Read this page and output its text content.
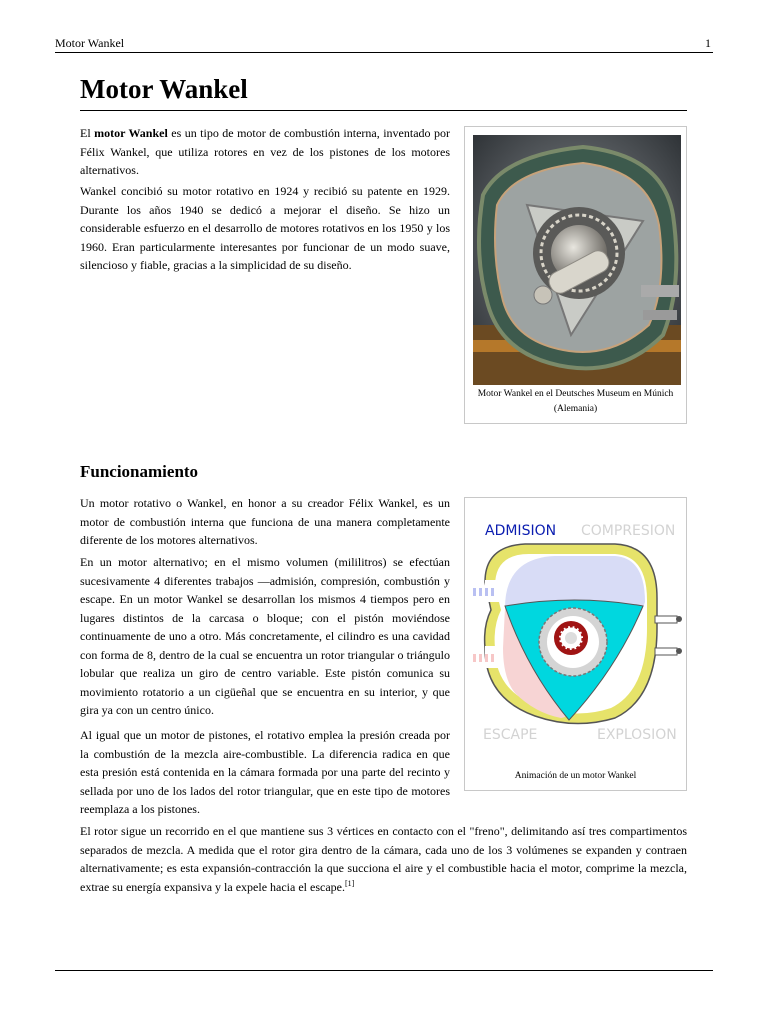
Motor Wankel	1
Motor Wankel

El motor Wankel es un tipo de motor de combustión interna, inventado por Félix Wankel, que utiliza rotores en vez de los pistones de los motores alternativos.

Wankel concibió su motor rotativo en 1924 y recibió su patente en 1929. Durante los años 1940 se dedicó a mejorar el diseño. Se hizo un considerable esfuerzo en el desarrollo de motores rotativos en los 1950 y los 1960. Eran particularmente interesantes por funcionar de un modo suave, silencioso y fiable, gracias a la simplicidad de su diseño.

Motor Wankel en el Deutsches Museum en Múnich (Alemania)
Funcionamiento

Un motor rotativo o Wankel, en honor a su creador Félix Wankel, es un motor de combustión interna que funciona de una manera completamente diferente de los motores alternativos.

En un motor alternativo; en el mismo volumen (mililitros) se efectúan sucesivamente 4 diferentes trabajos —admisión, compresión, combustión y escape. En un motor Wankel se desarrollan los mismos 4 tiempos pero en lugares distintos de la carcasa o bloque; con el pistón moviéndose continuamente de uno a otro. Más concretamente, el cilindro es una cavidad con forma de 8, dentro de la cual se encuentra un rotor triangular o triángulo lobular que realiza un giro de centro variable. Este pistón comunica su movimiento rotatorio a un cigüeñal que se encuentra en su interior, y que gira ya con un centro único.

Al igual que un motor de pistones, el rotativo emplea la presión creada por la combustión de la mezcla aire-combustible. La diferencia radica en que esta presión está contenida en la cámara formada por una parte del recinto y sellada por uno de los lados del rotor triangular, que en este tipo de motores reemplaza a los pistones.

El rotor sigue un recorrido en el que mantiene sus 3 vértices en contacto con el "freno", delimitando así tres compartimentos separados de mezcla. A medida que el rotor gira dentro de la cámara, cada uno de los 3 volúmenes se expanden y contraen alternativamente; es esta expansión-contracción la que succiona el aire y el combustible hacia el motor, comprime la mezcla, extrae su energía expansiva y la expele hacia el escape.[1]

ADMISION COMPRESION
ESCAPE	EXPLOSION
Animación de un motor Wankel
